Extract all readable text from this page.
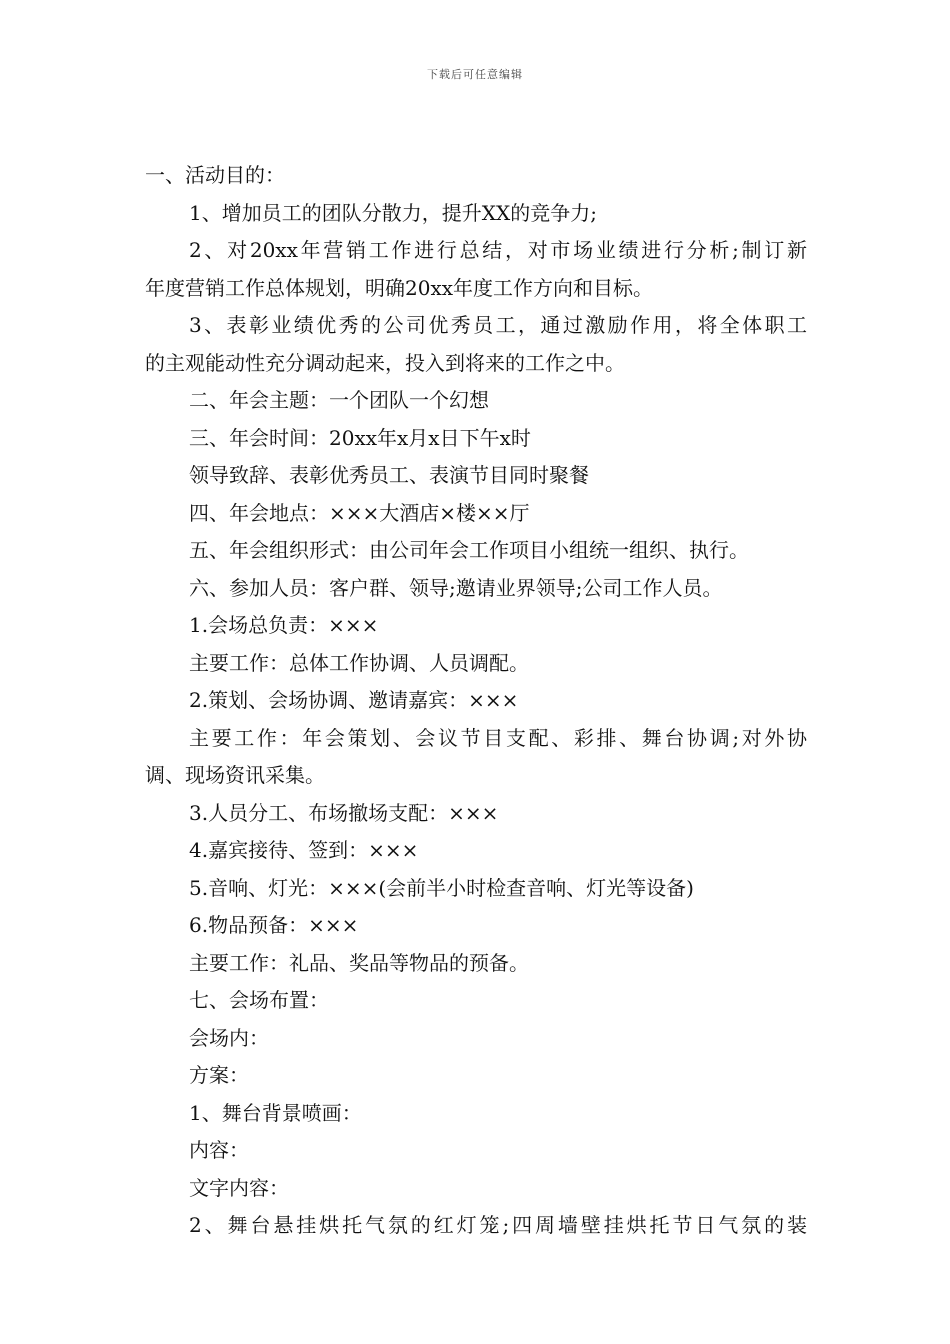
下载后可任意编辑
一、活动目的：
1、增加员工的团队分散力，提升XX的竞争力;
2、对20xx年营销工作进行总结，对市场业绩进行分析;制订新
年度营销工作总体规划，明确20xx年度工作方向和目标。
3、表彰业绩优秀的公司优秀员工，通过激励作用，将全体职工
的主观能动性充分调动起来，投入到将来的工作之中。
二、年会主题：一个团队一个幻想
三、年会时间：20xx年x月x日下午x时
领导致辞、表彰优秀员工、表演节目同时聚餐
四、年会地点：×××大酒店×楼××厅
五、年会组织形式：由公司年会工作项目小组统一组织、执行。
六、参加人员：客户群、领导;邀请业界领导;公司工作人员。
1.会场总负责：×××
主要工作：总体工作协调、人员调配。
2.策划、会场协调、邀请嘉宾：×××
主要工作：年会策划、会议节目支配、彩排、舞台协调;对外协
调、现场资讯采集。
3.人员分工、布场撤场支配：×××
4.嘉宾接待、签到：×××
5.音响、灯光：×××(会前半小时检查音响、灯光等设备)
6.物品预备：×××
主要工作：礼品、奖品等物品的预备。
七、会场布置：
会场内：
方案：
1、舞台背景喷画：
内容：
文字内容：
2、舞台悬挂烘托气氛的红灯笼;四周墙壁挂烘托节日气氛的装
